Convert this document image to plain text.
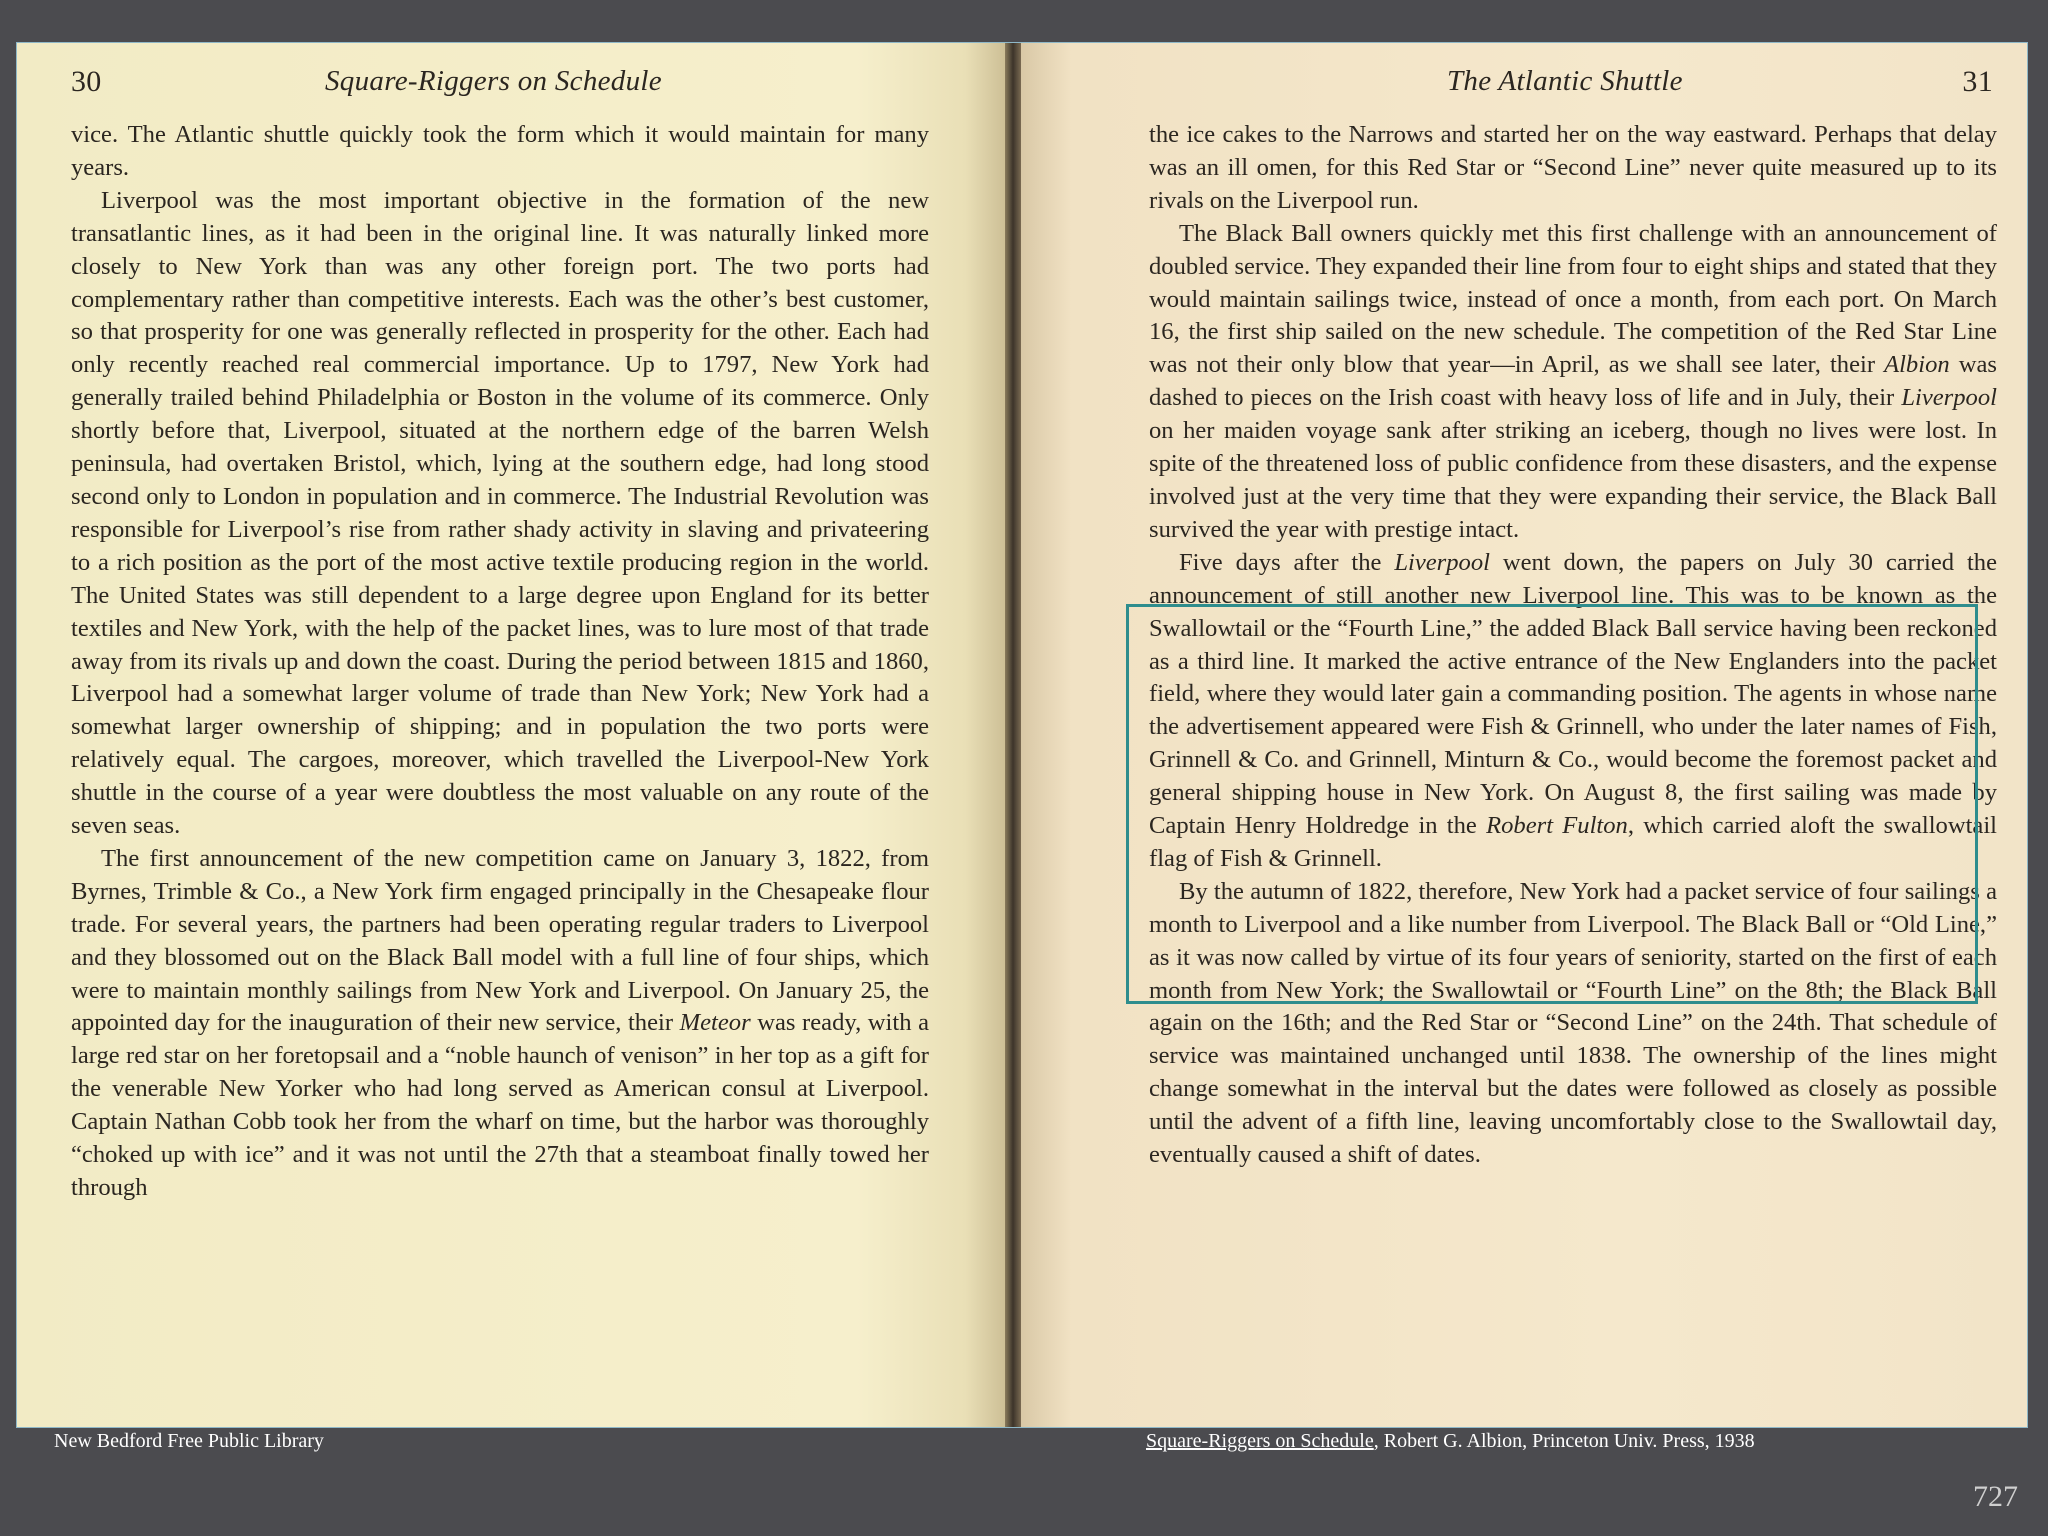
30	Square-Riggers on Schedule

vice. The Atlantic shuttle quickly took the form which it would maintain for many years.

Liverpool was the most important objective in the formation of the new transatlantic lines, as it had been in the original line. It was naturally linked more closely to New York than was any other foreign port. The two ports had complementary rather than competitive interests. Each was the other’s best customer, so that prosperity for one was generally reflected in prosperity for the other. Each had only recently reached real commercial importance. Up to 1797, New York had generally trailed behind Philadelphia or Boston in the volume of its commerce. Only shortly before that, Liverpool, situated at the northern edge of the barren Welsh peninsula, had overtaken Bristol, which, lying at the southern edge, had long stood second only to London in population and in commerce. The Industrial Revolution was responsible for Liverpool’s rise from rather shady activity in slaving and privateering to a rich position as the port of the most active textile producing region in the world. The United States was still dependent to a large degree upon England for its better textiles and New York, with the help of the packet lines, was to lure most of that trade away from its rivals up and down the coast. During the period between 1815 and 1860, Liverpool had a somewhat larger volume of trade than New York; New York had a somewhat larger ownership of shipping; and in population the two ports were relatively equal. The cargoes, moreover, which travelled the Liverpool-New York shuttle in the course of a year were doubtless the most valuable on any route of the seven seas.

The first announcement of the new competition came on January 3, 1822, from Byrnes, Trimble & Co., a New York firm engaged principally in the Chesapeake flour trade. For several years, the partners had been operating regular traders to Liverpool and they blossomed out on the Black Ball model with a full line of four ships, which were to maintain monthly sailings from New York and Liverpool. On January 25, the appointed day for the inauguration of their new service, their Meteor was ready, with a large red star on her foretopsail and a “noble haunch of venison” in her top as a gift for the venerable New Yorker who had long served as American consul at Liverpool. Captain Nathan Cobb took her from the wharf on time, but the harbor was thoroughly “choked up with ice” and it was not until the 27th that a steamboat finally towed her through

The Atlantic Shuttle	31

the ice cakes to the Narrows and started her on the way eastward. Perhaps that delay was an ill omen, for this Red Star or “Second Line” never quite measured up to its rivals on the Liverpool run.

The Black Ball owners quickly met this first challenge with an announcement of doubled service. They expanded their line from four to eight ships and stated that they would maintain sailings twice, instead of once a month, from each port. On March 16, the first ship sailed on the new schedule. The competition of the Red Star Line was not their only blow that year—in April, as we shall see later, their Albion was dashed to pieces on the Irish coast with heavy loss of life and in July, their Liverpool on her maiden voyage sank after striking an iceberg, though no lives were lost. In spite of the threatened loss of public confidence from these disasters, and the expense involved just at the very time that they were expanding their service, the Black Ball survived the year with prestige intact.

Five days after the Liverpool went down, the papers on July 30 carried the announcement of still another new Liverpool line. This was to be known as the Swallowtail or the “Fourth Line,” the added Black Ball service having been reckoned as a third line. It marked the active entrance of the New Englanders into the packet field, where they would later gain a commanding position. The agents in whose name the advertisement appeared were Fish & Grinnell, who under the later names of Fish, Grinnell & Co. and Grinnell, Minturn & Co., would become the foremost packet and general shipping house in New York. On August 8, the first sailing was made by Captain Henry Holdredge in the Robert Fulton, which carried aloft the swallowtail flag of Fish & Grinnell.

By the autumn of 1822, therefore, New York had a packet service of four sailings a month to Liverpool and a like number from Liverpool. The Black Ball or “Old Line,” as it was now called by virtue of its four years of seniority, started on the first of each month from New York; the Swallowtail or “Fourth Line” on the 8th; the Black Ball again on the 16th; and the Red Star or “Second Line” on the 24th. That schedule of service was maintained unchanged until 1838. The ownership of the lines might change somewhat in the interval but the dates were followed as closely as possible until the advent of a fifth line, leaving uncomfortably close to the Swallowtail day, eventually caused a shift of dates.

New Bedford Free Public Library	Square-Riggers on Schedule, Robert G. Albion, Princeton Univ. Press, 1938
727
